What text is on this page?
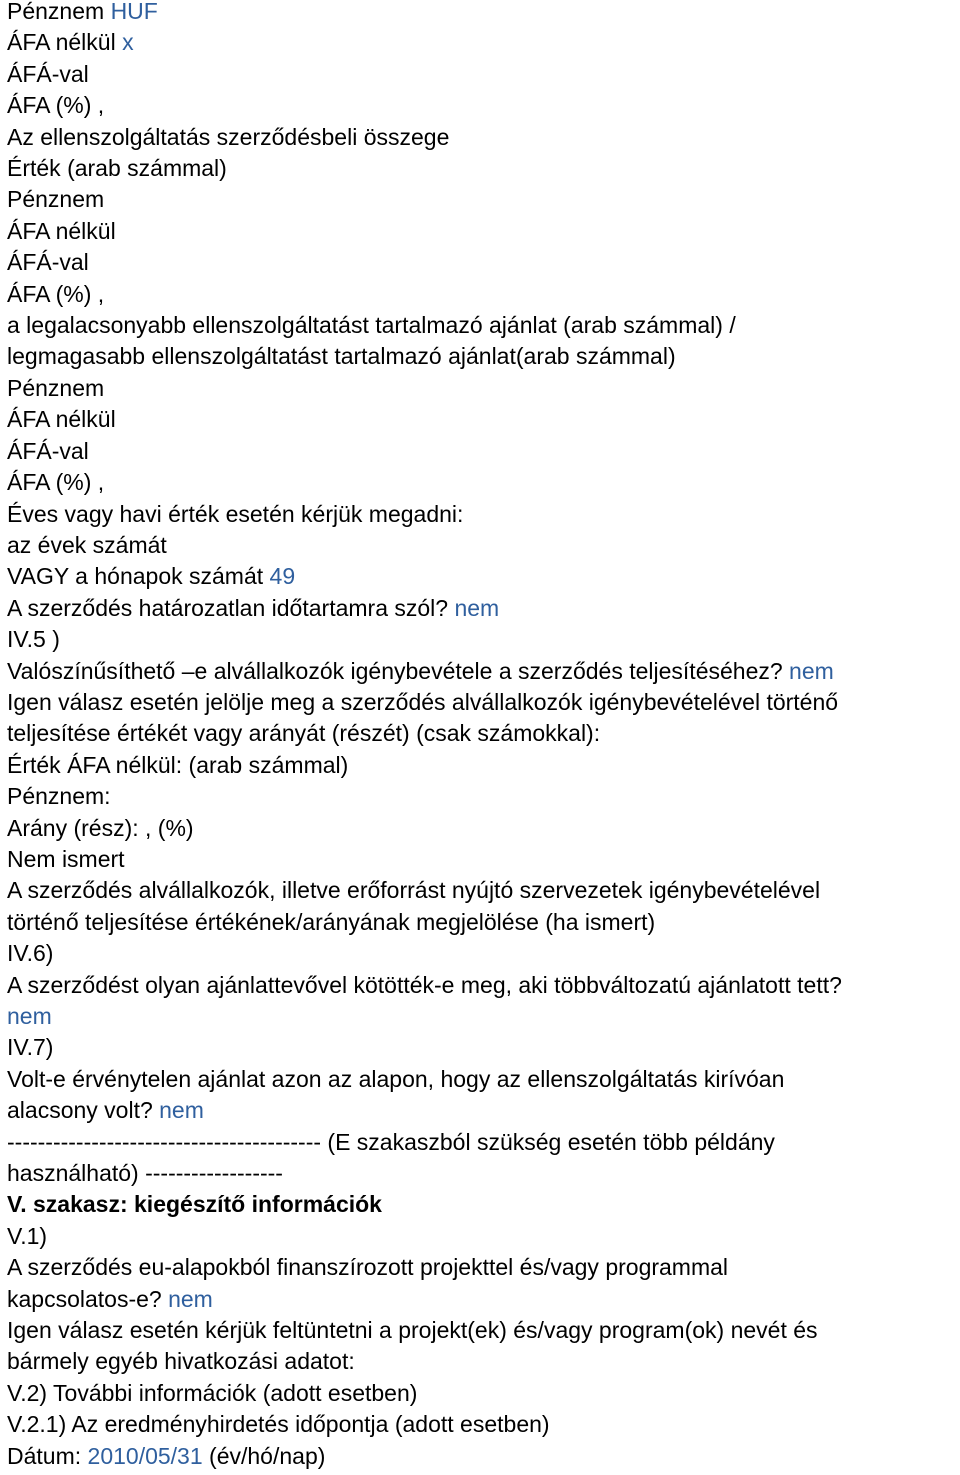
Pénznem HUF
ÁFA nélkül x
ÁFÁ-val
ÁFA (%) ,
Az ellenszolgáltatás szerződésbeli összege
Érték (arab számmal)
Pénznem
ÁFA nélkül
ÁFÁ-val
ÁFA (%) ,
a legalacsonyabb ellenszolgáltatást tartalmazó ajánlat (arab számmal) /
legmagasabb ellenszolgáltatást tartalmazó ajánlat(arab számmal)
Pénznem
ÁFA nélkül
ÁFÁ-val
ÁFA (%) ,
Éves vagy havi érték esetén kérjük megadni:
az évek számát
VAGY a hónapok számát 49
A szerződés határozatlan időtartamra szól? nem
IV.5 )
Valószínűsíthető –e alvállalkozók igénybevétele a szerződés teljesítéséhez? nem
Igen válasz esetén jelölje meg a szerződés alvállalkozók igénybevételével történő
teljesítése értékét vagy arányát (részét) (csak számokkal):
Érték ÁFA nélkül: (arab számmal)
Pénznem:
Arány (rész): , (%)
Nem ismert
A szerződés alvállalkozók, illetve erőforrást nyújtó szervezetek igénybevételével
történő teljesítése értékének/arányának megjelölése (ha ismert)
IV.6)
A szerződést olyan ajánlattevővel kötötték-e meg, aki többváltozatú ajánlatott tett?
nem
IV.7)
Volt-e érvénytelen ajánlat azon az alapon, hogy az ellenszolgáltatás kirívóan
alacsony volt? nem
----------------------------------------- (E szakaszból szükség esetén több példány
használható) ------------------
V. szakasz: kiegészítő információk
V.1)
A szerződés eu-alapokból finanszírozott projekttel és/vagy programmal
kapcsolatos-e? nem
Igen válasz esetén kérjük feltüntetni a projekt(ek) és/vagy program(ok) nevét és
bármely egyéb hivatkozási adatot:
V.2) További információk (adott esetben)
V.2.1) Az eredményhirdetés időpontja (adott esetben)
Dátum: 2010/05/31 (év/hó/nap)
